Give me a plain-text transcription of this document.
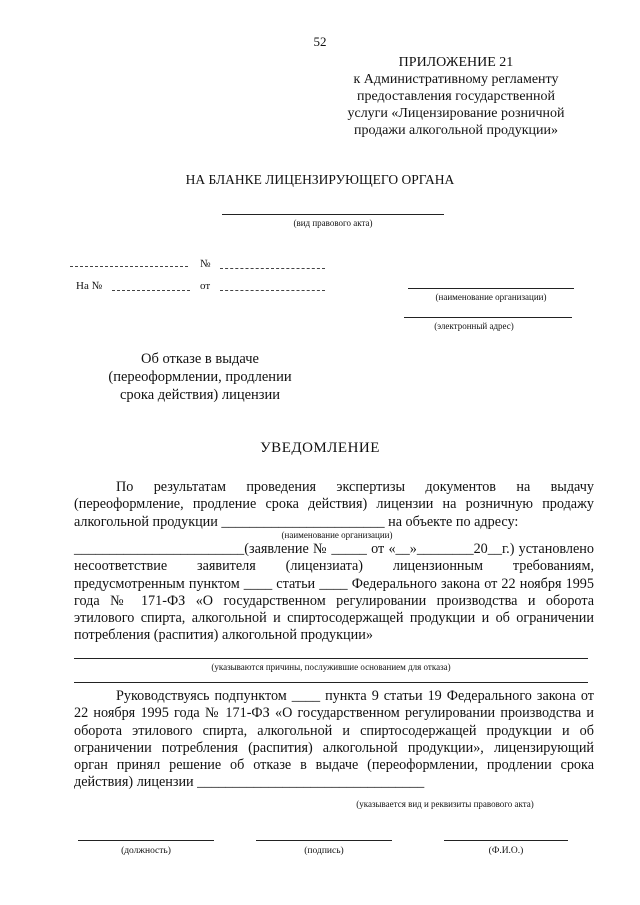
52
ПРИЛОЖЕНИЕ 21
к Административному регламенту
предоставления государственной
услуги «Лицензирование розничной
продажи алкогольной продукции»
НА БЛАНКЕ ЛИЦЕНЗИРУЮЩЕГО ОРГАНА
(вид правового акта)
№
На №	от
(наименование организации)
(электронный адрес)
Об отказе в выдаче
(переоформлении, продлении
срока действия) лицензии
УВЕДОМЛЕНИЕ

По результатам проведения экспертизы документов на выдачу (переоформление, продление срока действия) лицензии на розничную продажу алкогольной продукции _______________________ на объекте по адресу:

(наименование организации)

________________________(заявление № _____ от «__»________20__г.) установлено несоответствие заявителя (лицензиата) лицензионным требованиям, предусмотренным пунктом ____ статьи ____ Федерального закона от 22 ноября 1995 года № 171-ФЗ «О государственном регулировании производства и оборота этилового спирта, алкогольной и спиртосодержащей продукции и об ограничении потребления (распития) алкогольной продукции»

(указываются причины, послужившие основанием для отказа)

Руководствуясь подпунктом ____ пункта 9 статьи 19 Федерального закона от 22 ноября 1995 года № 171-ФЗ «О государственном регулировании производства и оборота этилового спирта, алкогольной и спиртосодержащей продукции и об ограничении потребления (распития) алкогольной продукции», лицензирующий орган принял решение об отказе в выдаче (переоформлении, продлении срока действия) лицензии ________________________________

(указывается вид и реквизиты правового акта)
(должность)	(подпись)	(Ф.И.О.)
